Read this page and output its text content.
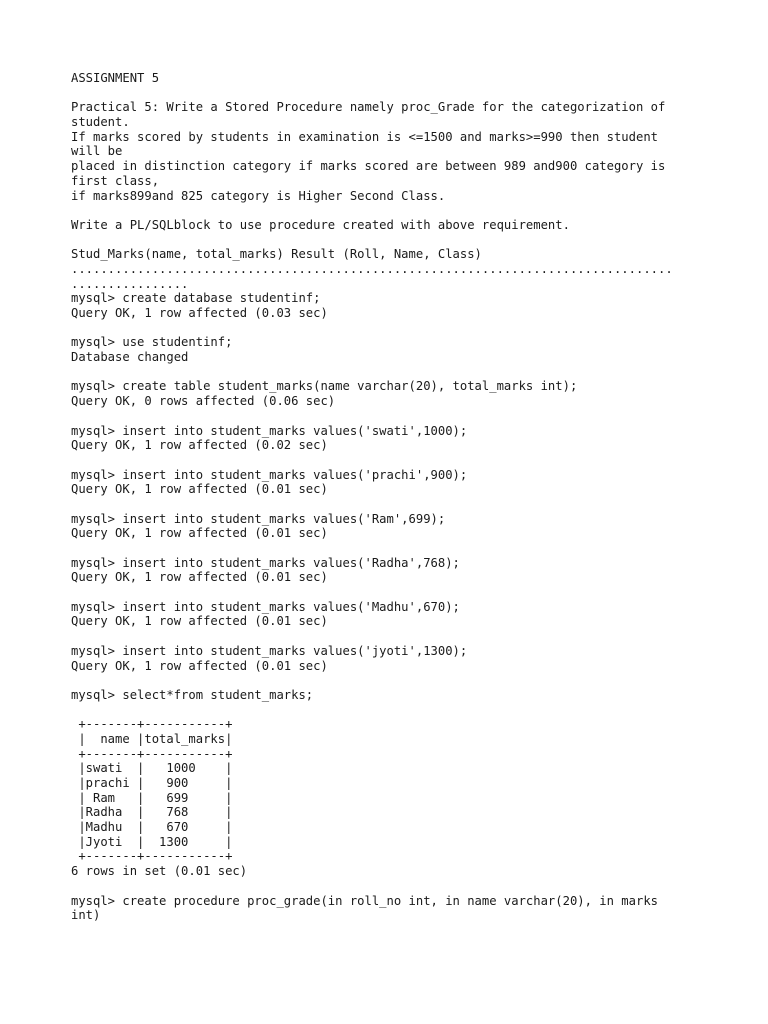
ASSIGNMENT 5
Practical 5: Write a Stored Procedure namely proc_Grade for the categorization of
student.
If marks scored by students in examination is <=1500 and marks>=990 then student
will be
placed in distinction category if marks scored are between 989 and900 category is
first class,
if marks899and 825 category is Higher Second Class.
Write a PL/SQLblock to use procedure created with above requirement.
Stud_Marks(name, total_marks) Result (Roll, Name, Class)
..................................................................................
................
mysql> create database studentinf;
Query OK, 1 row affected (0.03 sec)
mysql> use studentinf;
Database changed
mysql> create table student_marks(name varchar(20), total_marks int);
Query OK, 0 rows affected (0.06 sec)
mysql> insert into student_marks values('swati',1000);
Query OK, 1 row affected (0.02 sec)
mysql> insert into student_marks values('prachi',900);
Query OK, 1 row affected (0.01 sec)
mysql> insert into student_marks values('Ram',699);
Query OK, 1 row affected (0.01 sec)
mysql> insert into student_marks values('Radha',768);
Query OK, 1 row affected (0.01 sec)
mysql> insert into student_marks values('Madhu',670);
Query OK, 1 row affected (0.01 sec)
mysql> insert into student_marks values('jyoti',1300);
Query OK, 1 row affected (0.01 sec)
mysql> select*from student_marks;
+-------+-----------+
|  name |total_marks|
+-------+-----------+
|swati  |   1000    |
|prachi |   900     |
| Ram   |   699     |
|Radha  |   768     |
|Madhu  |   670     |
|Jyoti  |  1300     |
+-------+-----------+
6 rows in set (0.01 sec)
mysql> create procedure proc_grade(in roll_no int, in name varchar(20), in marks
int)
